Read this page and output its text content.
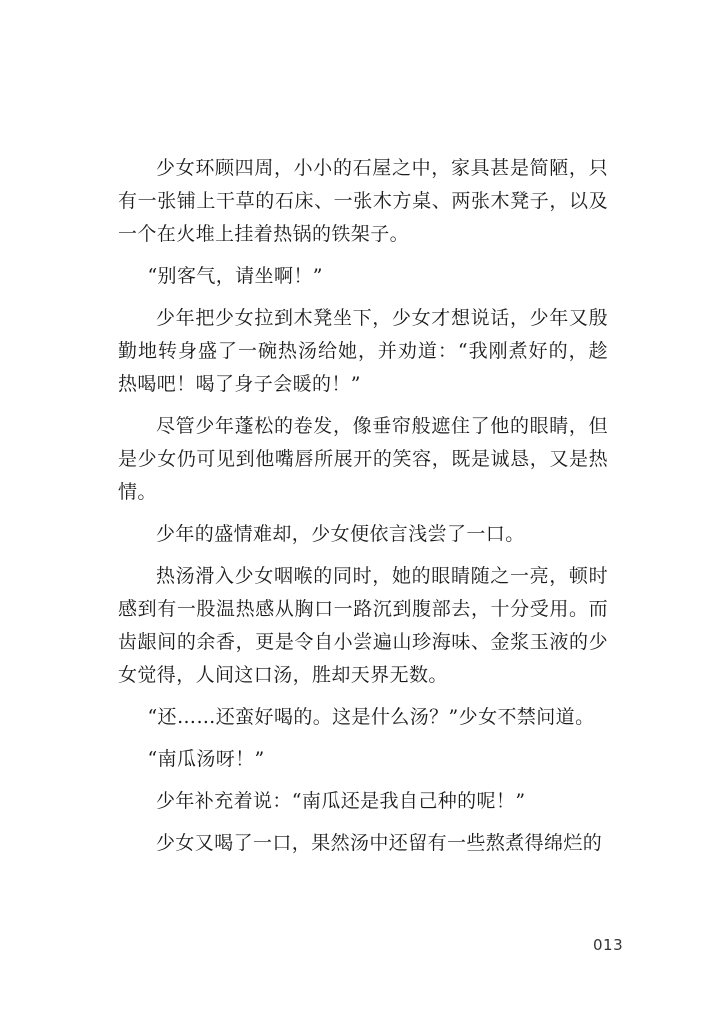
少女环顾四周，小小的石屋之中，家具甚是简陋，只有一张铺上干草的石床、一张木方桌、两张木凳子，以及一个在火堆上挂着热锅的铁架子。

“别客气，请坐啊！”

少年把少女拉到木凳坐下，少女才想说话，少年又殷勤地转身盛了一碗热汤给她，并劝道：“我刚煮好的，趁热喝吧！喝了身子会暖的！”

尽管少年蓬松的卷发，像垂帘般遮住了他的眼睛，但是少女仍可见到他嘴唇所展开的笑容，既是诚恳，又是热情。

少年的盛情难却，少女便依言浅尝了一口。

热汤滑入少女咽喉的同时，她的眼睛随之一亮，顿时感到有一股温热感从胸口一路沉到腹部去，十分受用。而齿龈间的余香，更是令自小尝遍山珍海味、金浆玉液的少女觉得，人间这口汤，胜却天界无数。

“还……还蛮好喝的。这是什么汤？”少女不禁问道。

“南瓜汤呀！”

少年补充着说：“南瓜还是我自己种的呢！”

少女又喝了一口，果然汤中还留有一些熬煮得绵烂的

013
